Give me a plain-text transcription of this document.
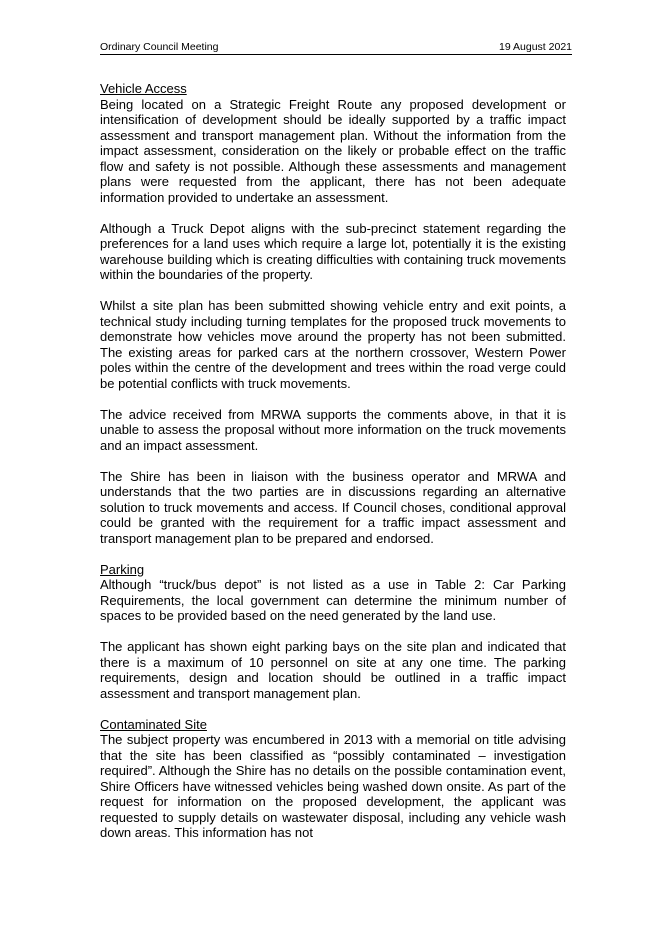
Ordinary Council Meeting	19 August 2021

Vehicle Access

Being located on a Strategic Freight Route any proposed development or intensification of development should be ideally supported by a traffic impact assessment and transport management plan. Without the information from the impact assessment, consideration on the likely or probable effect on the traffic flow and safety is not possible. Although these assessments and management plans were requested from the applicant, there has not been adequate information provided to undertake an assessment.

Although a Truck Depot aligns with the sub-precinct statement regarding the preferences for a land uses which require a large lot, potentially it is the existing warehouse building which is creating difficulties with containing truck movements within the boundaries of the property.

Whilst a site plan has been submitted showing vehicle entry and exit points, a technical study including turning templates for the proposed truck movements to demonstrate how vehicles move around the property has not been submitted. The existing areas for parked cars at the northern crossover, Western Power poles within the centre of the development and trees within the road verge could be potential conflicts with truck movements.

The advice received from MRWA supports the comments above, in that it is unable to assess the proposal without more information on the truck movements and an impact assessment.

The Shire has been in liaison with the business operator and MRWA and understands that the two parties are in discussions regarding an alternative solution to truck movements and access. If Council choses, conditional approval could be granted with the requirement for a traffic impact assessment and transport management plan to be prepared and endorsed.

Parking

Although “truck/bus depot” is not listed as a use in Table 2: Car Parking Requirements, the local government can determine the minimum number of spaces to be provided based on the need generated by the land use.

The applicant has shown eight parking bays on the site plan and indicated that there is a maximum of 10 personnel on site at any one time. The parking requirements, design and location should be outlined in a traffic impact assessment and transport management plan.

Contaminated Site

The subject property was encumbered in 2013 with a memorial on title advising that the site has been classified as “possibly contaminated – investigation required”. Although the Shire has no details on the possible contamination event, Shire Officers have witnessed vehicles being washed down onsite. As part of the request for information on the proposed development, the applicant was requested to supply details on wastewater disposal, including any vehicle wash down areas. This information has not
